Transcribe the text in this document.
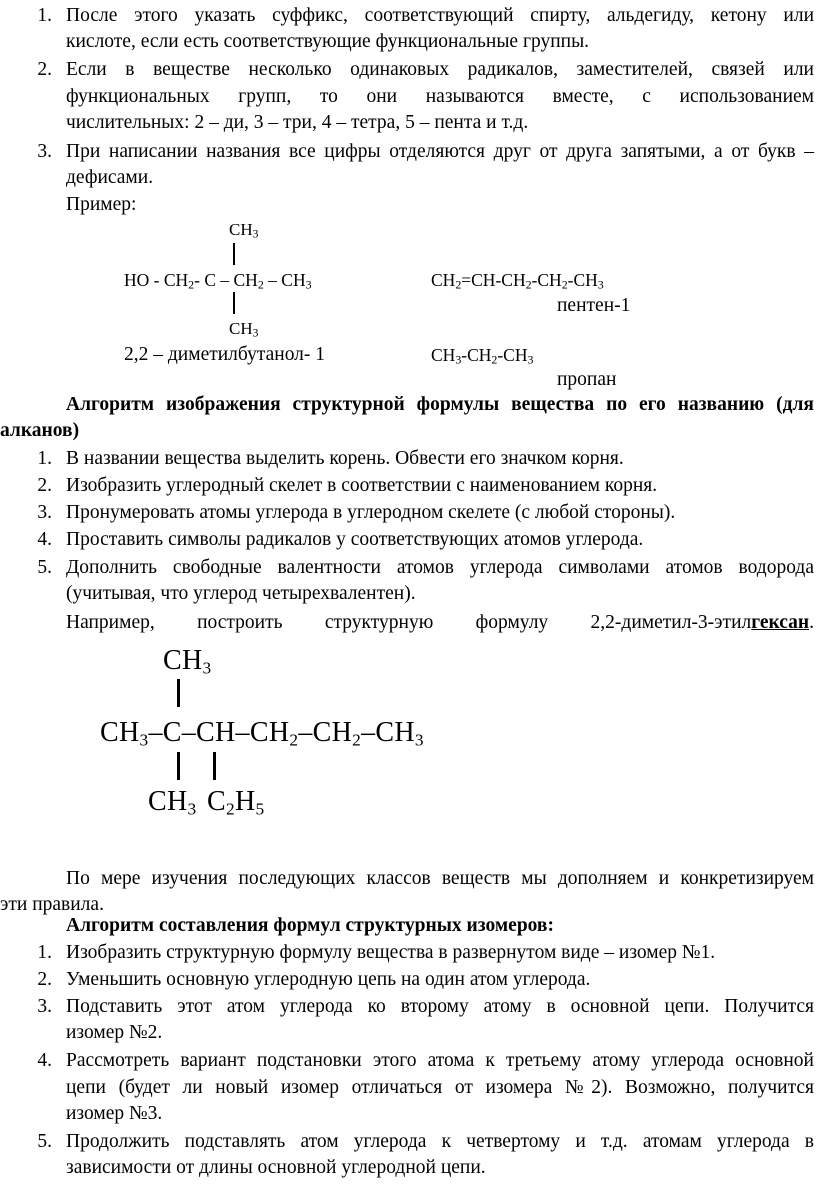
1. После этого указать суффикс, соответствующий спирту, альдегиду, кетону или
кислоте, если есть соответствующие функциональные группы.
2. Если в веществе несколько одинаковых радикалов, заместителей, связей или
функциональных групп, то они называются вместе, с использованием
числительных: 2 – ди, 3 – три, 4 – тетра, 5 – пента и т.д.
3. При написании названия все цифры отделяются друг от друга запятыми, а от букв –
дефисами.
Пример:
$CH_3$
HO - $CH_2-$ C – $CH_2 - CH_3$
$CH_3$
2,2 – диметилбутанол- 1
$CH_2=CH-CH_2-CH_2-CH_3$
пентен-1
$CH_3-CH_2-CH_3$
пропан
Алгоритм изображения структурной формулы вещества по его названию (для
алканов)
1. В названии вещества выделить корень. Обвести его значком корня.
2. Изобразить углеродный скелет в соответствии с наименованием корня.
3. Пронумеровать атомы углерода в углеродном скелете (с любой стороны).
4. Проставить символы радикалов у соответствующих атомов углерода.
5. Дополнить свободные валентности атомов углерода символами атомов водорода
(учитывая, что углерод четырехвалентен).
Например, построить структурную формулу 2,2-диметил-3-этилгексан.
$CH_3$
$CH_3-C-CH-CH_2-CH_2-CH_3$
$CH_3$ $C_2H_5$
По мере изучения последующих классов веществ мы дополняем и конкретизируем
эти правила.
Алгоритм составления формул структурных изомеров:
1. Изобразить структурную формулу вещества в развернутом виде – изомер №1.
2. Уменьшить основную углеродную цепь на один атом углерода.
3. Подставить этот атом углерода ко второму атому в основной цепи. Получится
изомер №2.
4. Рассмотреть вариант подстановки этого атома к третьему атому углерода основной
цепи (будет ли новый изомер отличаться от изомера №2). Возможно, получится
изомер №3.
5. Продолжить подставлять атом углерода к четвертому и т.д. атомам углерода в
зависимости от длины основной углеродной цепи.
